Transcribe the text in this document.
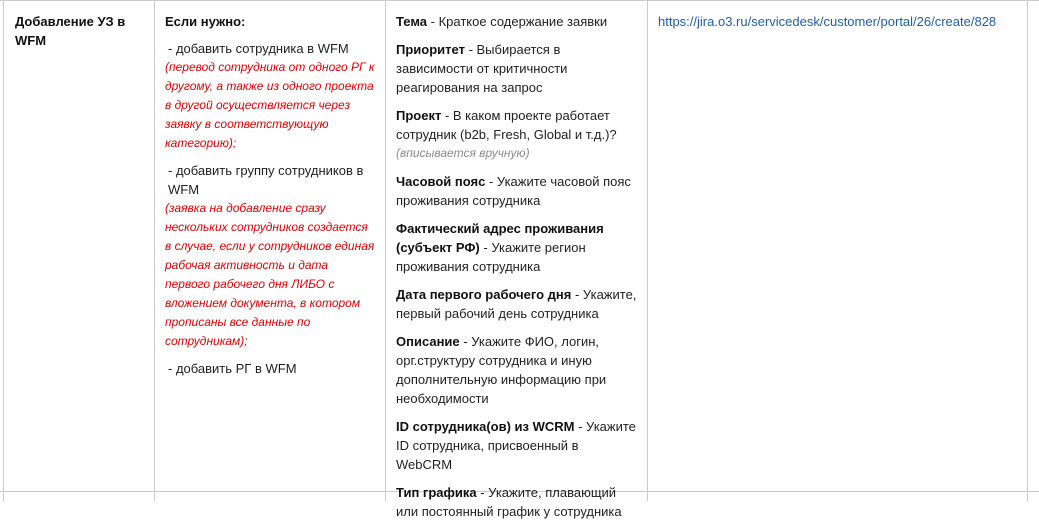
Добавление УЗ в WFM
Если нужно:
- добавить сотрудника в WFM
(перевод сотрудника от одного РГ к другому, а также из одного проекта в другой осуществляется через заявку в соответствующую категорию);
- добавить группу сотрудников в WFM
(заявка на добавление сразу нескольких сотрудников создается в случае, если у сотрудников единая рабочая активность и дата первого рабочего дня ЛИБО с вложением документа, в котором прописаны все данные по сотрудникам);
- добавить РГ в WFM
Тема - Краткое содержание заявки
Приоритет - Выбирается в зависимости от критичности реагирования на запрос
Проект - В каком проекте работает сотрудник (b2b, Fresh, Global и т.д.)?
(вписывается вручную)
Часовой пояс - Укажите часовой пояс проживания сотрудника
Фактический адрес проживания (субъект РФ) - Укажите регион проживания сотрудника
Дата первого рабочего дня - Укажите, первый рабочий день сотрудника
Описание - Укажите ФИО, логин, орг.структуру сотрудника и иную дополнительную информацию при необходимости
ID сотрудника(ов) из WCRM - Укажите ID сотрудника, присвоенный в WebCRM
Тип графика - Укажите, плавающий или постоянный график у сотрудника
https://jira.o3.ru/servicedesk/customer/portal/26/create/828
